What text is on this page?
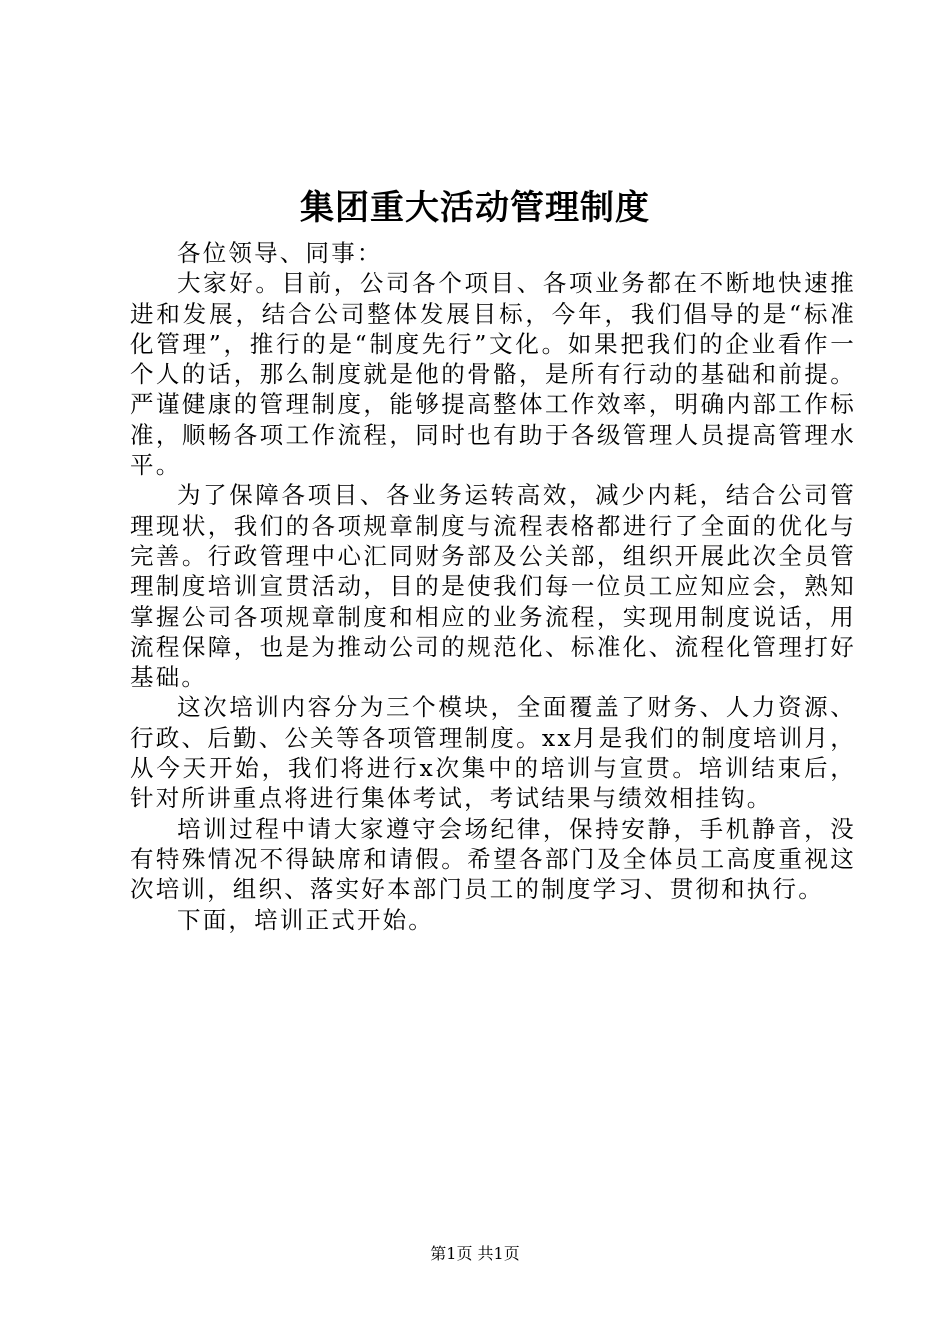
集团重大活动管理制度

各位领导、同事：

大家好。目前，公司各个项目、各项业务都在不断地快速推进和发展，结合公司整体发展目标，今年，我们倡导的是“标准化管理”，推行的是“制度先行”文化。如果把我们的企业看作一个人的话，那么制度就是他的骨骼，是所有行动的基础和前提。严谨健康的管理制度，能够提高整体工作效率，明确内部工作标准，顺畅各项工作流程，同时也有助于各级管理人员提高管理水平。

为了保障各项目、各业务运转高效，减少内耗，结合公司管理现状，我们的各项规章制度与流程表格都进行了全面的优化与完善。行政管理中心汇同财务部及公关部，组织开展此次全员管理制度培训宣贯活动，目的是使我们每一位员工应知应会，熟知掌握公司各项规章制度和相应的业务流程，实现用制度说话，用流程保障，也是为推动公司的规范化、标准化、流程化管理打好基础。

这次培训内容分为三个模块，全面覆盖了财务、人力资源、行政、后勤、公关等各项管理制度。xx月是我们的制度培训月，从今天开始，我们将进行x次集中的培训与宣贯。培训结束后，针对所讲重点将进行集体考试，考试结果与绩效相挂钩。

培训过程中请大家遵守会场纪律，保持安静，手机静音，没有特殊情况不得缺席和请假。希望各部门及全体员工高度重视这次培训，组织、落实好本部门员工的制度学习、贯彻和执行。

下面，培训正式开始。

第1页 共1页
